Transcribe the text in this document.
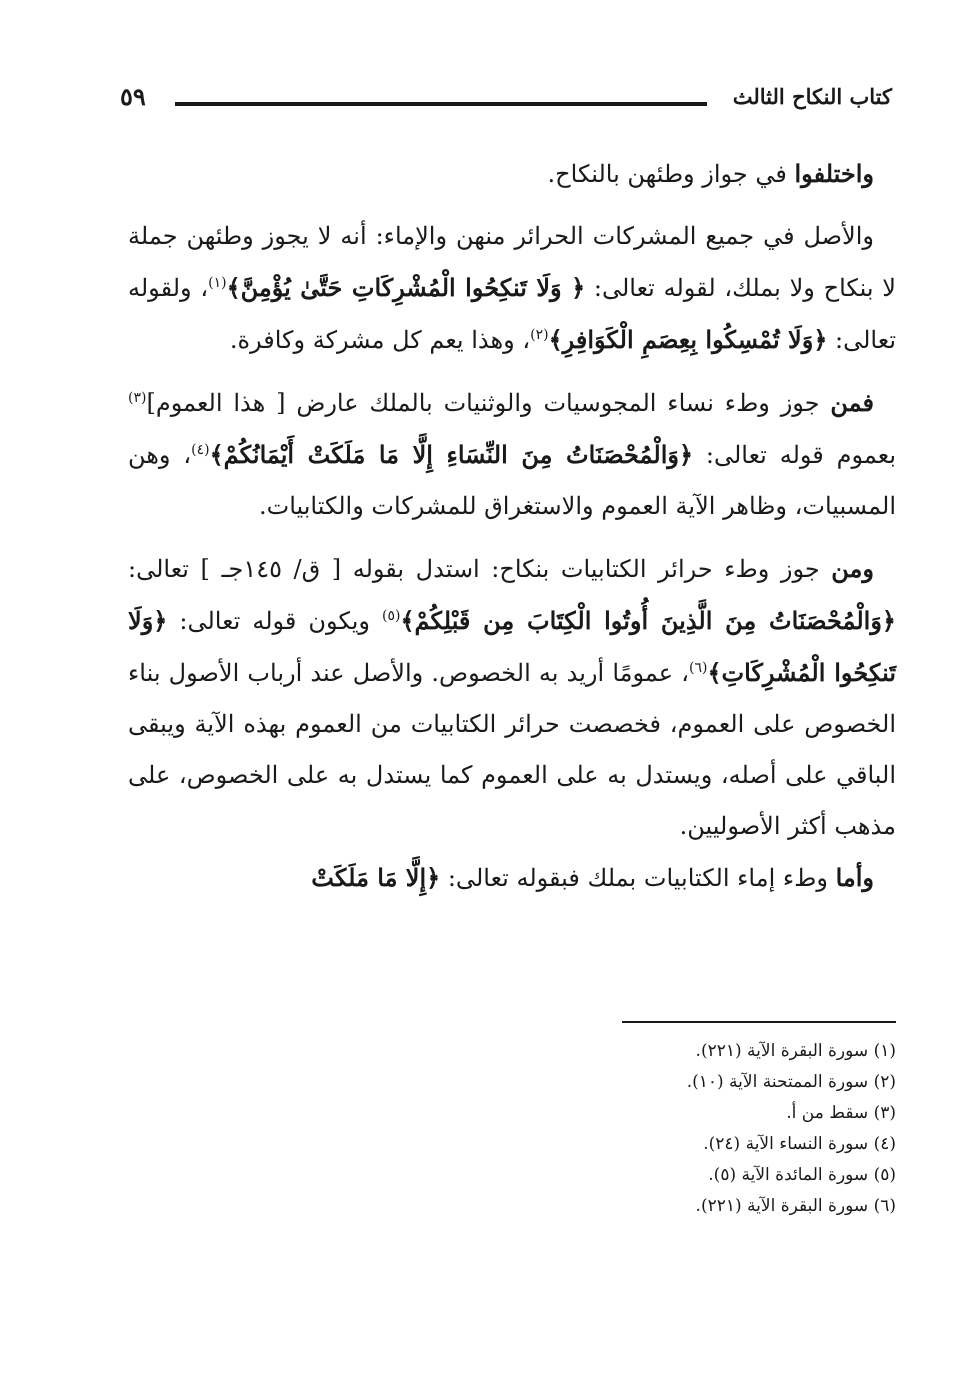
كتاب النكاح الثالث
٥٩

واختلفوا في جواز وطئهن بالنكاح.

والأصل في جميع المشركات الحرائر منهن والإماء: أنه لا يجوز وطئهن جملة لا بنكاح ولا بملك، لقوله تعالى: ﴿ وَلَا تَنكِحُوا الْمُشْرِكَاتِ حَتَّىٰ يُؤْمِنَّ﴾$^{(١)}$، ولقوله تعالى: ﴿وَلَا تُمْسِكُوا بِعِصَمِ الْكَوَافِرِ﴾$^{(٢)}$، وهذا يعم كل مشركة وكافرة.

فمن جوز وطء نساء المجوسيات والوثنيات بالملك عارض [ هذا العموم]$^{(٣)}$ بعموم قوله تعالى: ﴿وَالْمُحْصَنَاتُ مِنَ النِّسَاءِ إِلَّا مَا مَلَكَتْ أَيْمَانُكُمْ﴾$^{(٤)}$، وهن المسبيات، وظاهر الآية العموم والاستغراق للمشركات والكتابيات.

ومن جوز وطء حرائر الكتابيات بنكاح: استدل بقوله [ ق/ ١٤٥جـ ] تعالى: ﴿وَالْمُحْصَنَاتُ مِنَ الَّذِينَ أُوتُوا الْكِتَابَ مِن قَبْلِكُمْ﴾$^{(٥)}$ ويكون قوله تعالى: ﴿وَلَا تَنكِحُوا الْمُشْرِكَاتِ﴾$^{(٦)}$، عمومًا أريد به الخصوص. والأصل عند أرباب الأصول بناء الخصوص على العموم، فخصصت حرائر الكتابيات من العموم بهذه الآية ويبقى الباقي على أصله، ويستدل به على العموم كما يستدل به على الخصوص، على مذهب أكثر الأصوليين.

وأما وطء إماء الكتابيات بملك فبقوله تعالى: ﴿إِلَّا مَا مَلَكَتْ

(١) سورة البقرة الآية (٢٢١).
(٢) سورة الممتحنة الآية (١٠).
(٣) سقط من أ.
(٤) سورة النساء الآية (٢٤).
(٥) سورة المائدة الآية (٥).
(٦) سورة البقرة الآية (٢٢١).
